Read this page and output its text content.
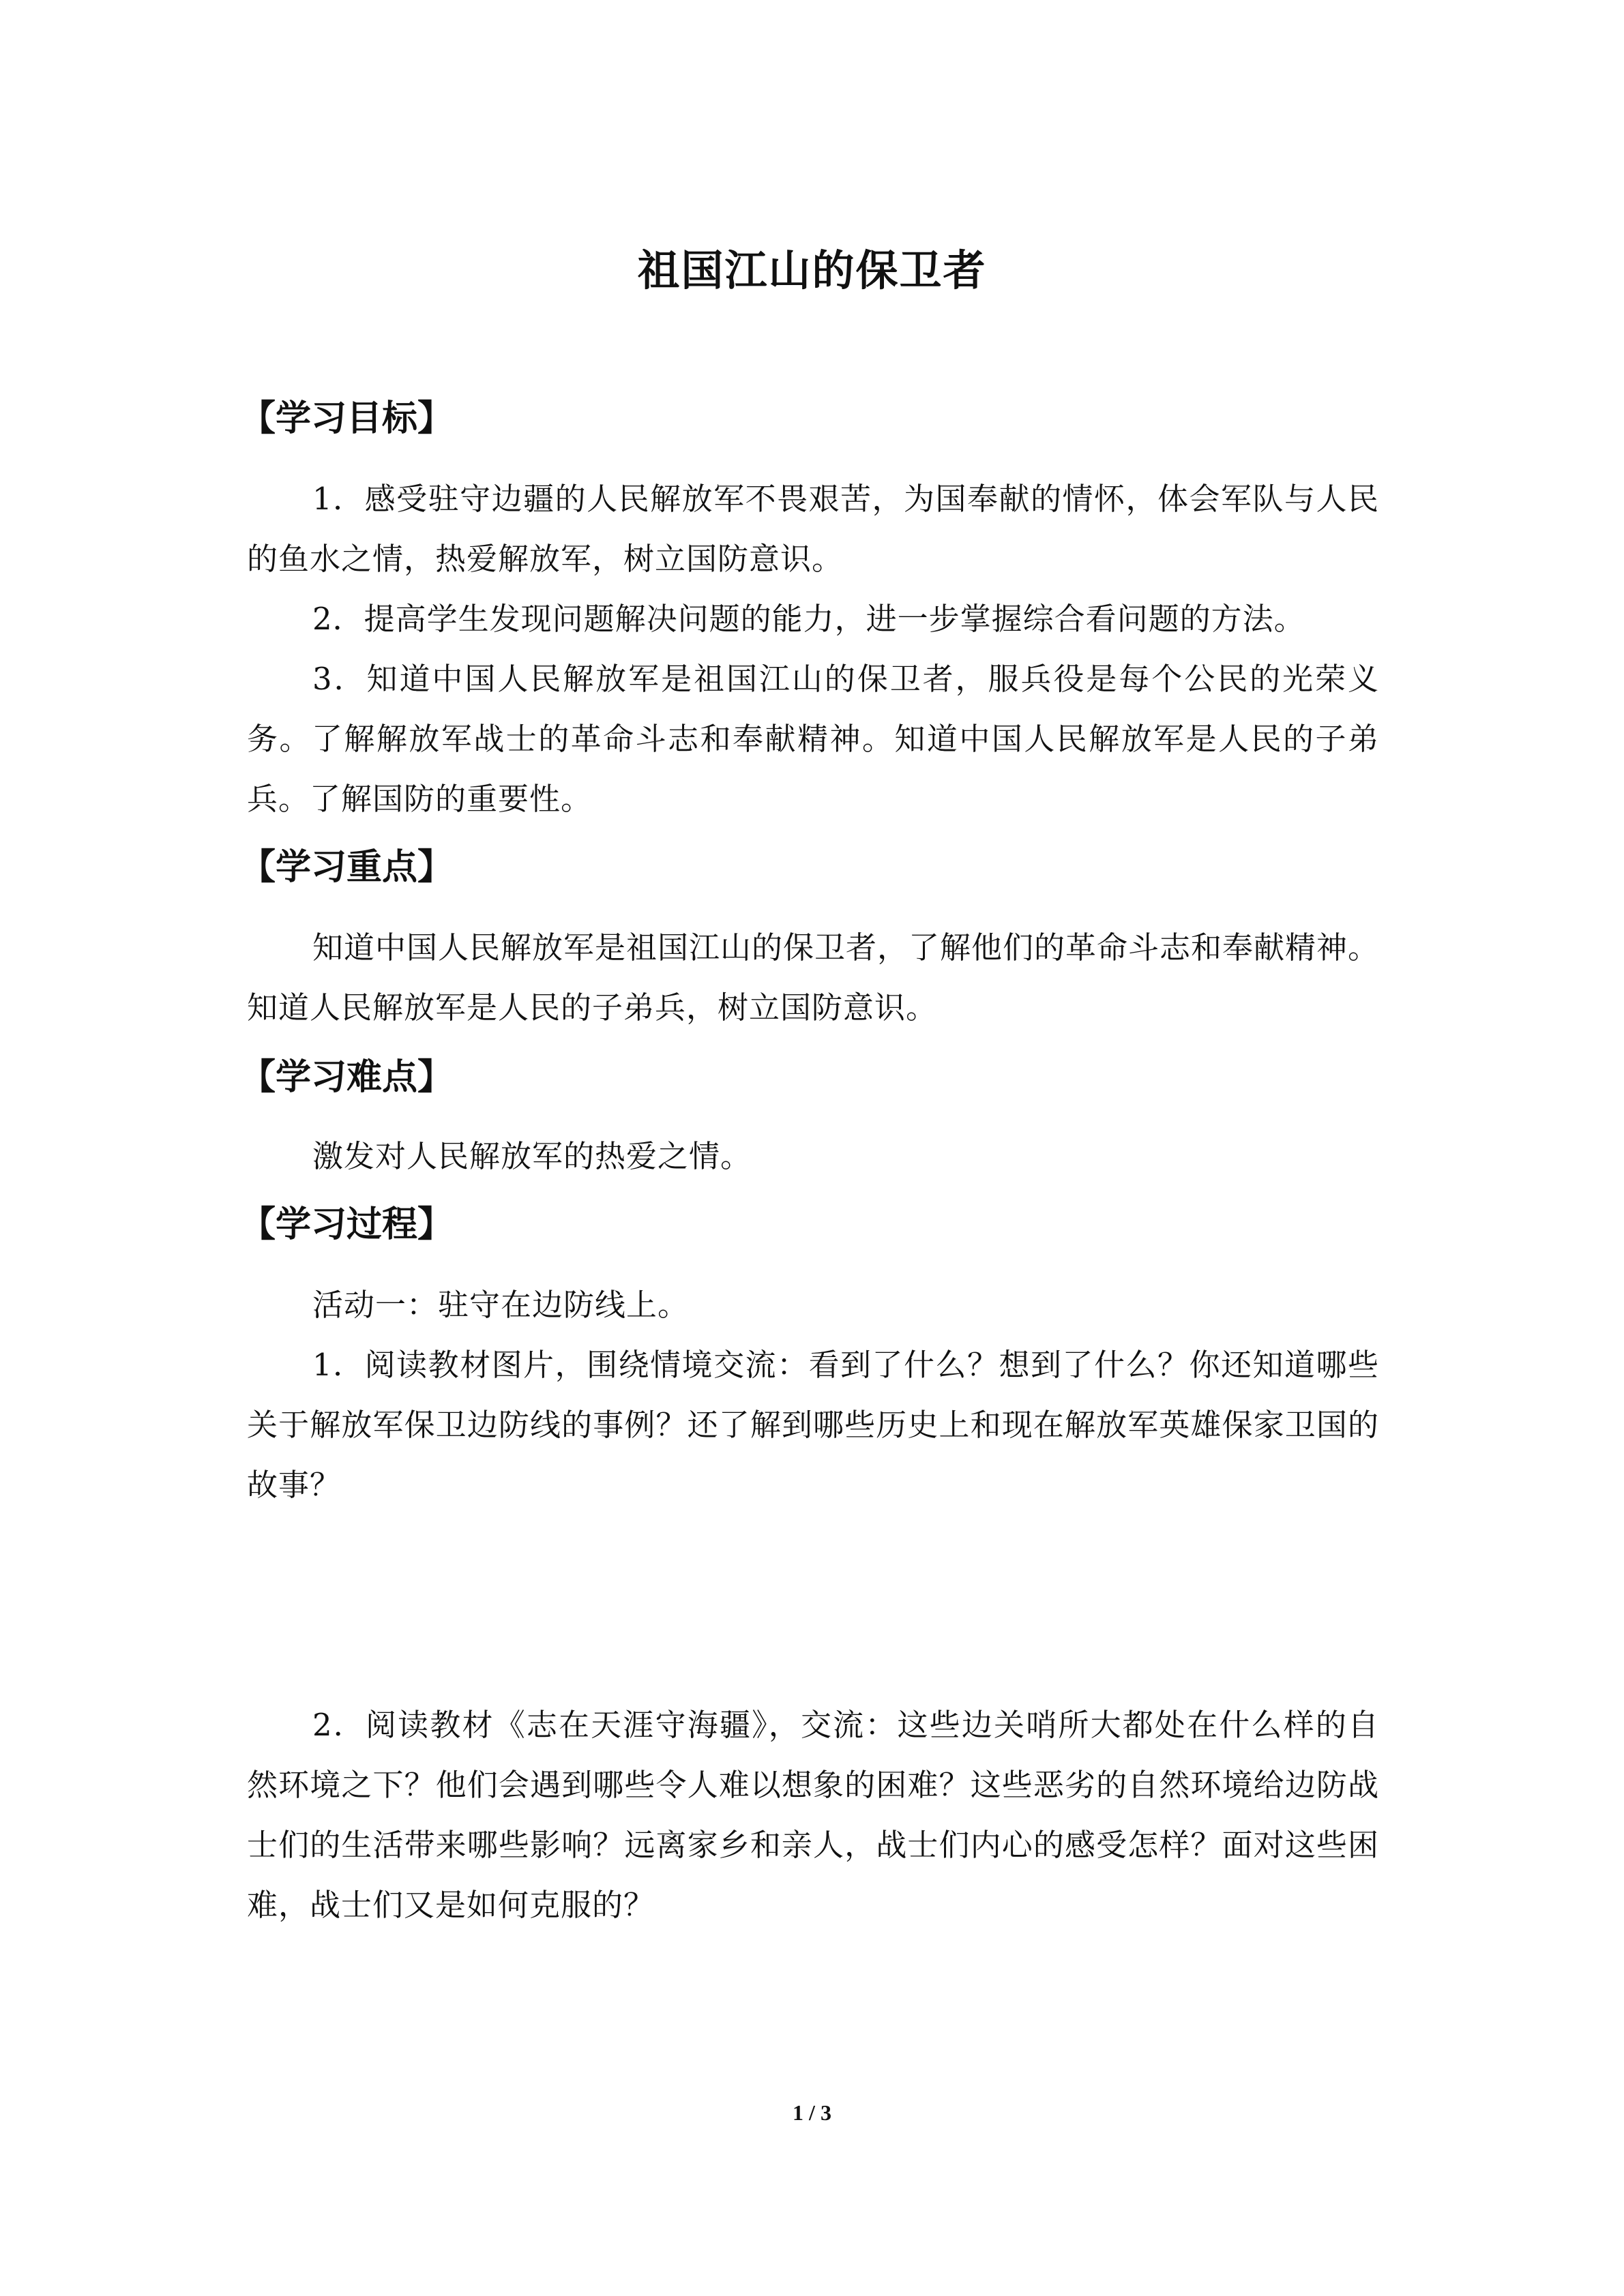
祖国江山的保卫者
【学习目标】

1．感受驻守边疆的人民解放军不畏艰苦，为国奉献的情怀，体会军队与人民的鱼水之情，热爱解放军，树立国防意识。

2．提高学生发现问题解决问题的能力，进一步掌握综合看问题的方法。

3．知道中国人民解放军是祖国江山的保卫者，服兵役是每个公民的光荣义务。了解解放军战士的革命斗志和奉献精神。知道中国人民解放军是人民的子弟兵。了解国防的重要性。

【学习重点】

知道中国人民解放军是祖国江山的保卫者，了解他们的革命斗志和奉献精神。知道人民解放军是人民的子弟兵，树立国防意识。

【学习难点】

激发对人民解放军的热爱之情。

【学习过程】

活动一：驻守在边防线上。

1．阅读教材图片，围绕情境交流：看到了什么？想到了什么？你还知道哪些关于解放军保卫边防线的事例？还了解到哪些历史上和现在解放军英雄保家卫国的故事？

2．阅读教材《志在天涯守海疆》，交流：这些边关哨所大都处在什么样的自然环境之下？他们会遇到哪些令人难以想象的困难？这些恶劣的自然环境给边防战士们的生活带来哪些影响？远离家乡和亲人，战士们内心的感受怎样？面对这些困难，战士们又是如何克服的？

1 / 3
